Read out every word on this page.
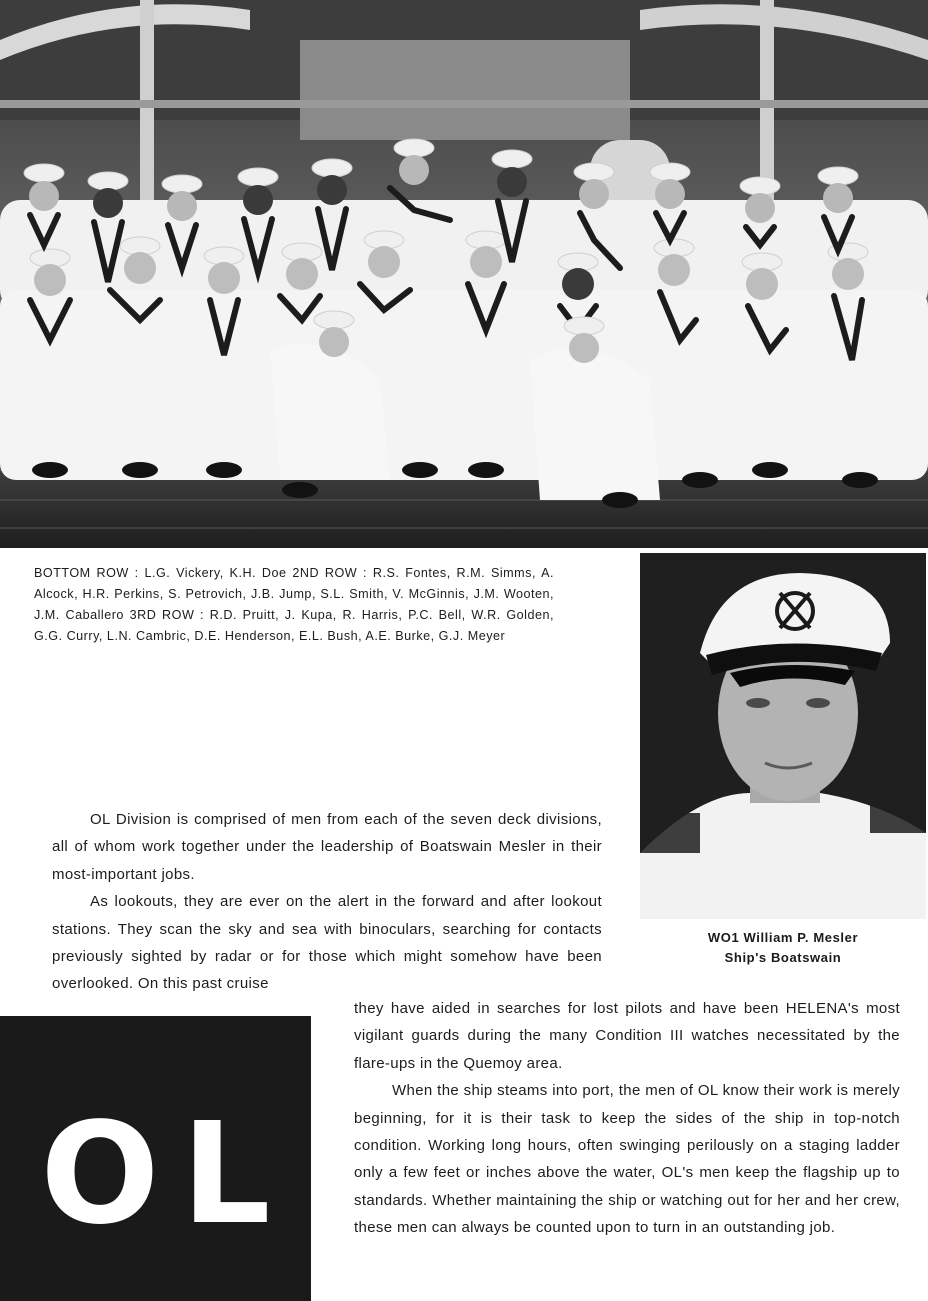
BOTTOM ROW : L.G. Vickery, K.H. Doe 2ND ROW : R.S. Fontes, R.M. Simms, A. Alcock, H.R. Perkins, S. Petrovich, J.B. Jump, S.L. Smith, V. McGinnis, J.M. Wooten, J.M. Caballero 3RD ROW : R.D. Pruitt, J. Kupa, R. Harris, P.C. Bell, W.R. Golden, G.G. Curry, L.N. Cambric, D.E. Henderson, E.L. Bush, A.E. Burke, G.J. Meyer
WO1 William P. Mesler
Ship's Boatswain

OL Division is comprised of men from each of the seven deck divisions, all of whom work together under the leadership of Boatswain Mesler in their most-important jobs.

As lookouts, they are ever on the alert in the forward and after lookout stations. They scan the sky and sea with binoculars, searching for contacts previously sighted by radar or for those which might somehow have been overlooked. On this past cruise

they have aided in searches for lost pilots and have been HELENA's most vigilant guards during the many Condition III watches necessitated by the flare-ups in the Quemoy area.

When the ship steams into port, the men of OL know their work is merely beginning, for it is their task to keep the sides of the ship in top-notch condition. Working long hours, often swinging perilously on a staging ladder only a few feet or inches above the water, OL's men keep the flagship up to standards. Whether maintaining the ship or watching out for her and her crew, these men can always be counted upon to turn in an outstanding job.

OL
